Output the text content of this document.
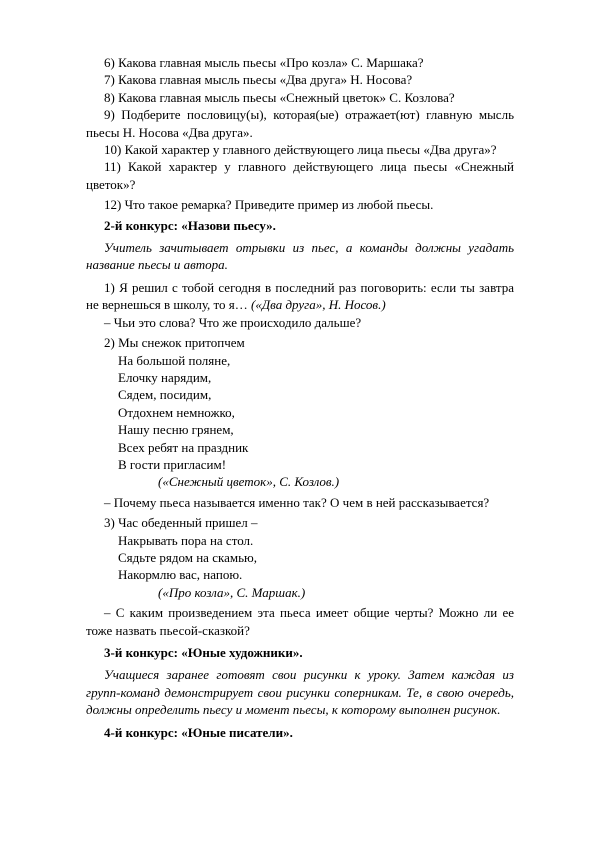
6) Какова главная мысль пьесы «Про козла» С. Маршака?

7) Какова главная мысль пьесы «Два друга» Н. Носова?

8) Какова главная мысль пьесы «Снежный цветок» С. Козлова?

9) Подберите пословицу(ы), которая(ые) отражает(ют) главную мысль пьесы Н. Носова «Два друга».

10) Какой характер у главного действующего лица пьесы «Два друга»?

11) Какой характер у главного действующего лица пьесы «Снежный цветок»?

12) Что такое ремарка? Приведите пример из любой пьесы.

2-й конкурс: «Назови пьесу».

Учитель зачитывает отрывки из пьес, а команды должны угадать название пьесы и автора.

1) Я решил с тобой сегодня в последний раз поговорить: если ты завтра не вернешься в школу, то я… («Два друга», Н. Носов.)

– Чьи это слова? Что же происходило дальше?

2) Мы снежок притопчем

На большой поляне,

Елочку нарядим,

Сядем, посидим,

Отдохнем немножко,

Нашу песню грянем,

Всех ребят на праздник

В гости пригласим!

(«Снежный цветок», С. Козлов.)

– Почему пьеса называется именно так? О чем в ней рассказывается?

3) Час обеденный пришел –

Накрывать пора на стол.

Сядьте рядом на скамью,

Накормлю вас, напою.

(«Про козла», С. Маршак.)

– С каким произведением эта пьеса имеет общие черты? Можно ли ее тоже назвать пьесой-сказкой?

3-й конкурс: «Юные художники».

Учащиеся заранее готовят свои рисунки к уроку. Затем каждая из групп-команд демонстрирует свои рисунки соперникам. Те, в свою очередь, должны определить пьесу и момент пьесы, к которому выполнен рисунок.

4-й конкурс: «Юные писатели».
